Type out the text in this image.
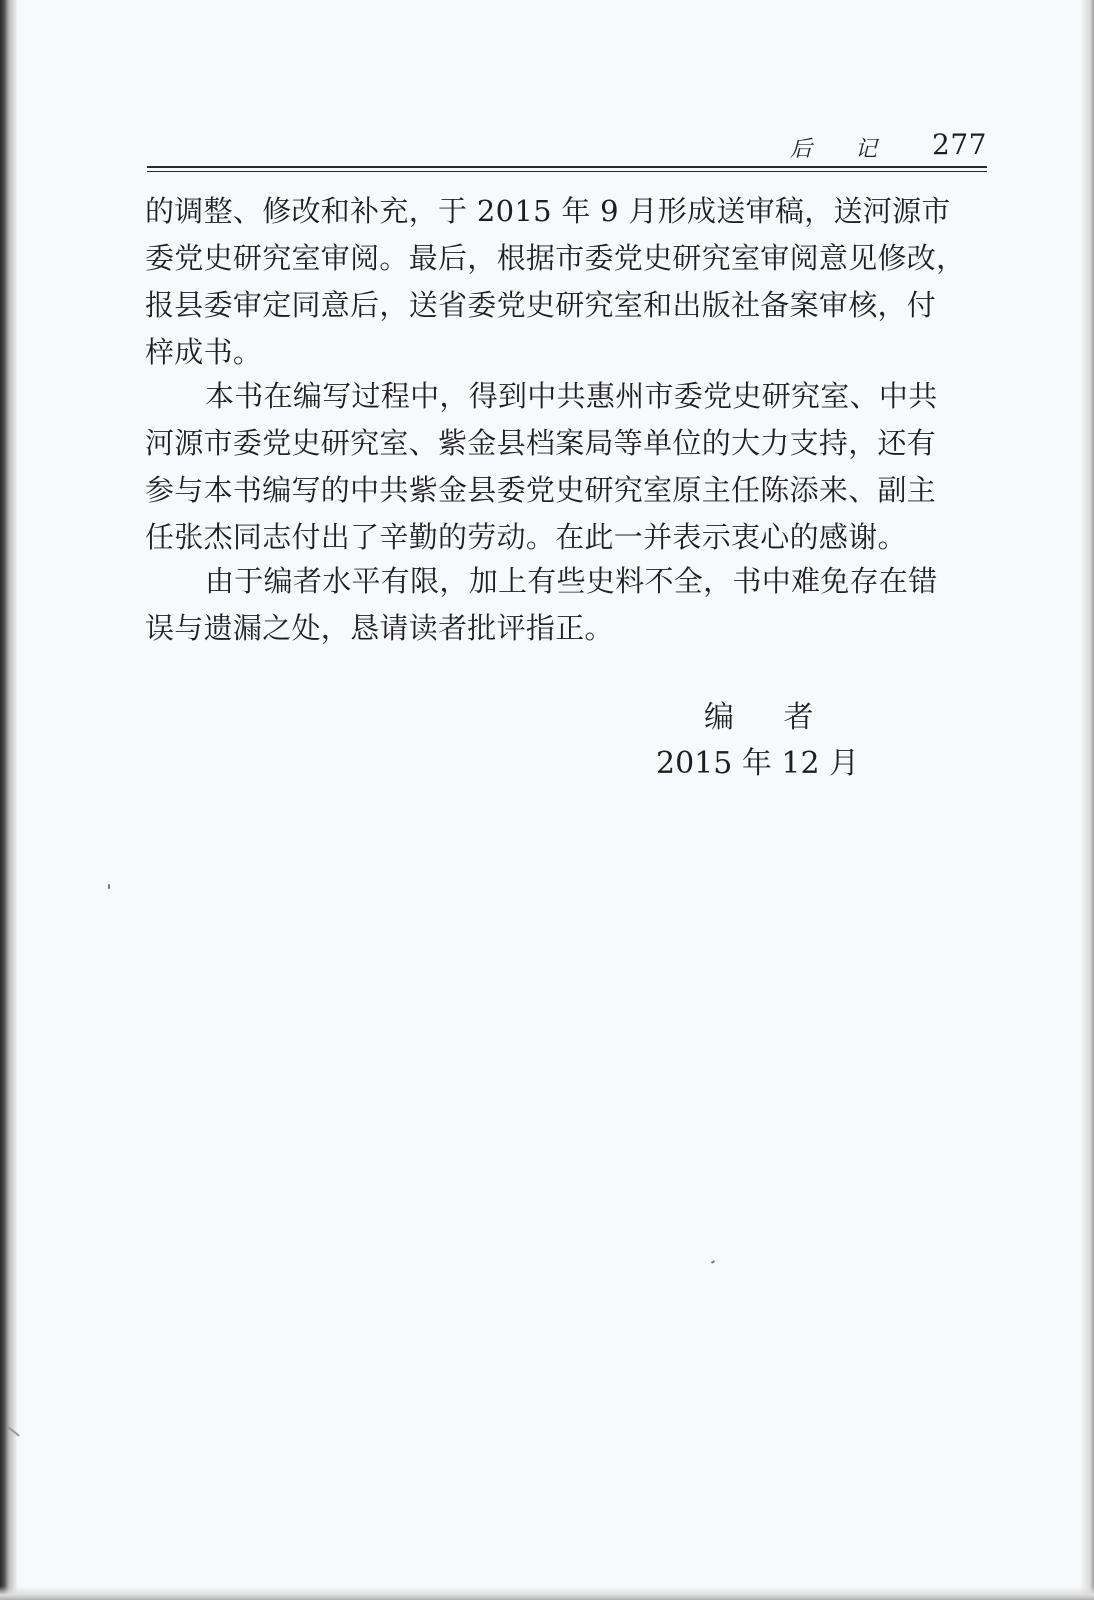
后 记 277
的调整、修改和补充，于 2015 年 9 月形成送审稿，送河源市
委党史研究室审阅。最后，根据市委党史研究室审阅意见修改，
报县委审定同意后，送省委党史研究室和出版社备案审核，付
梓成书。
本书在编写过程中，得到中共惠州市委党史研究室、中共
河源市委党史研究室、紫金县档案局等单位的大力支持，还有
参与本书编写的中共紫金县委党史研究室原主任陈添来、副主
任张杰同志付出了辛勤的劳动。在此一并表示衷心的感谢。
由于编者水平有限，加上有些史料不全，书中难免存在错
误与遗漏之处，恳请读者批评指正。
编 者
2015 年 12 月
